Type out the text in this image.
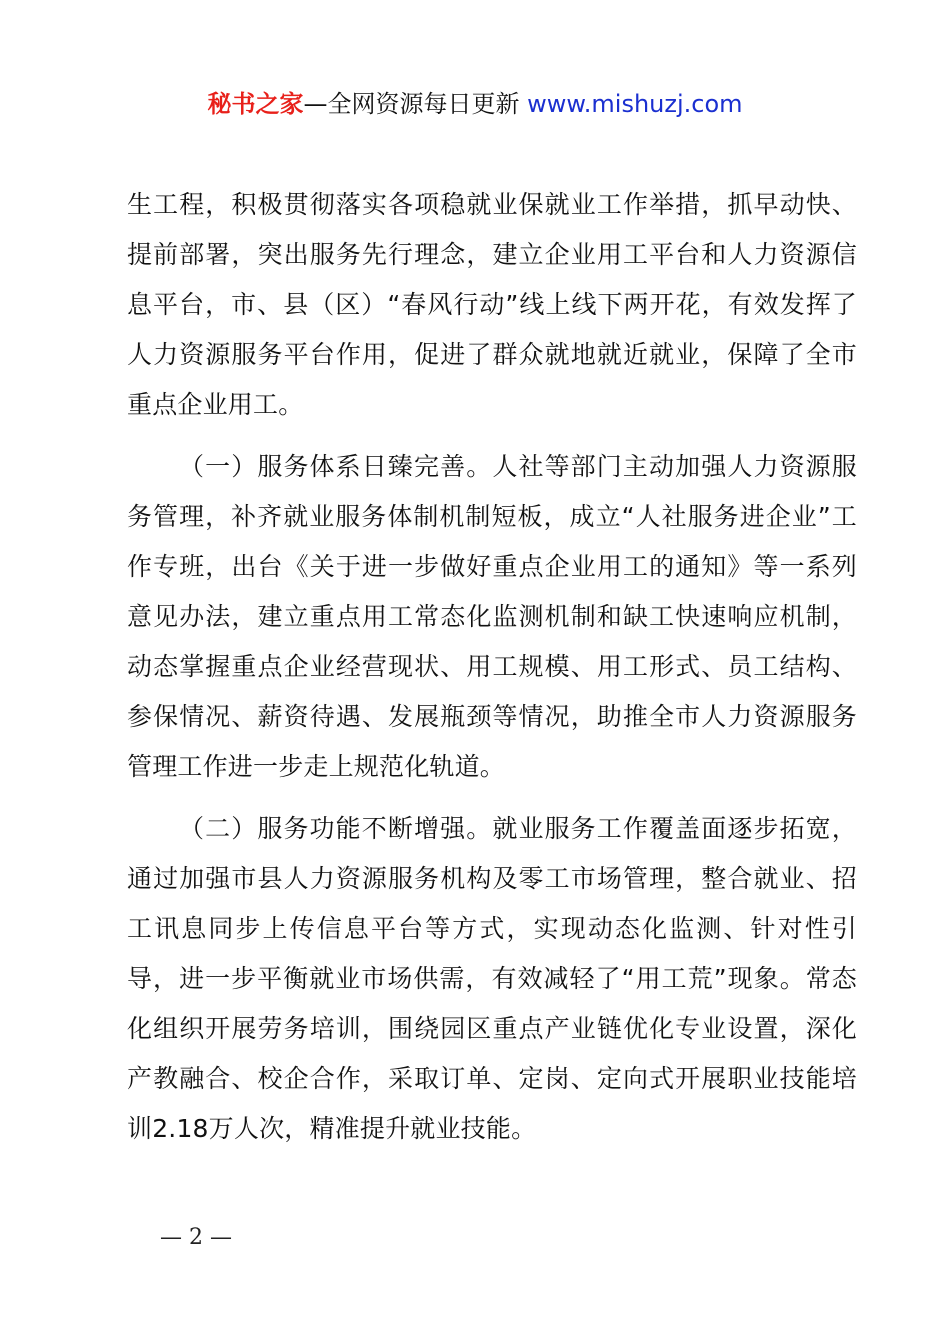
秘书之家—全网资源每日更新 www.mishuzj.com

生工程，积极贯彻落实各项稳就业保就业工作举措，抓早动快、提前部署，突出服务先行理念，建立企业用工平台和人力资源信息平台，市、县（区）“春风行动”线上线下两开花，有效发挥了人力资源服务平台作用，促进了群众就地就近就业，保障了全市重点企业用工。

（一）服务体系日臻完善。人社等部门主动加强人力资源服务管理，补齐就业服务体制机制短板，成立“人社服务进企业”工作专班，出台《关于进一步做好重点企业用工的通知》等一系列意见办法，建立重点用工常态化监测机制和缺工快速响应机制，动态掌握重点企业经营现状、用工规模、用工形式、员工结构、参保情况、薪资待遇、发展瓶颈等情况，助推全市人力资源服务管理工作进一步走上规范化轨道。

（二）服务功能不断增强。就业服务工作覆盖面逐步拓宽，通过加强市县人力资源服务机构及零工市场管理，整合就业、招工讯息同步上传信息平台等方式，实现动态化监测、针对性引导，进一步平衡就业市场供需，有效减轻了“用工荒”现象。常态化组织开展劳务培训，围绕园区重点产业链优化专业设置，深化产教融合、校企合作，采取订单、定岗、定向式开展职业技能培训2.18万人次，精准提升就业技能。

— 2 —
